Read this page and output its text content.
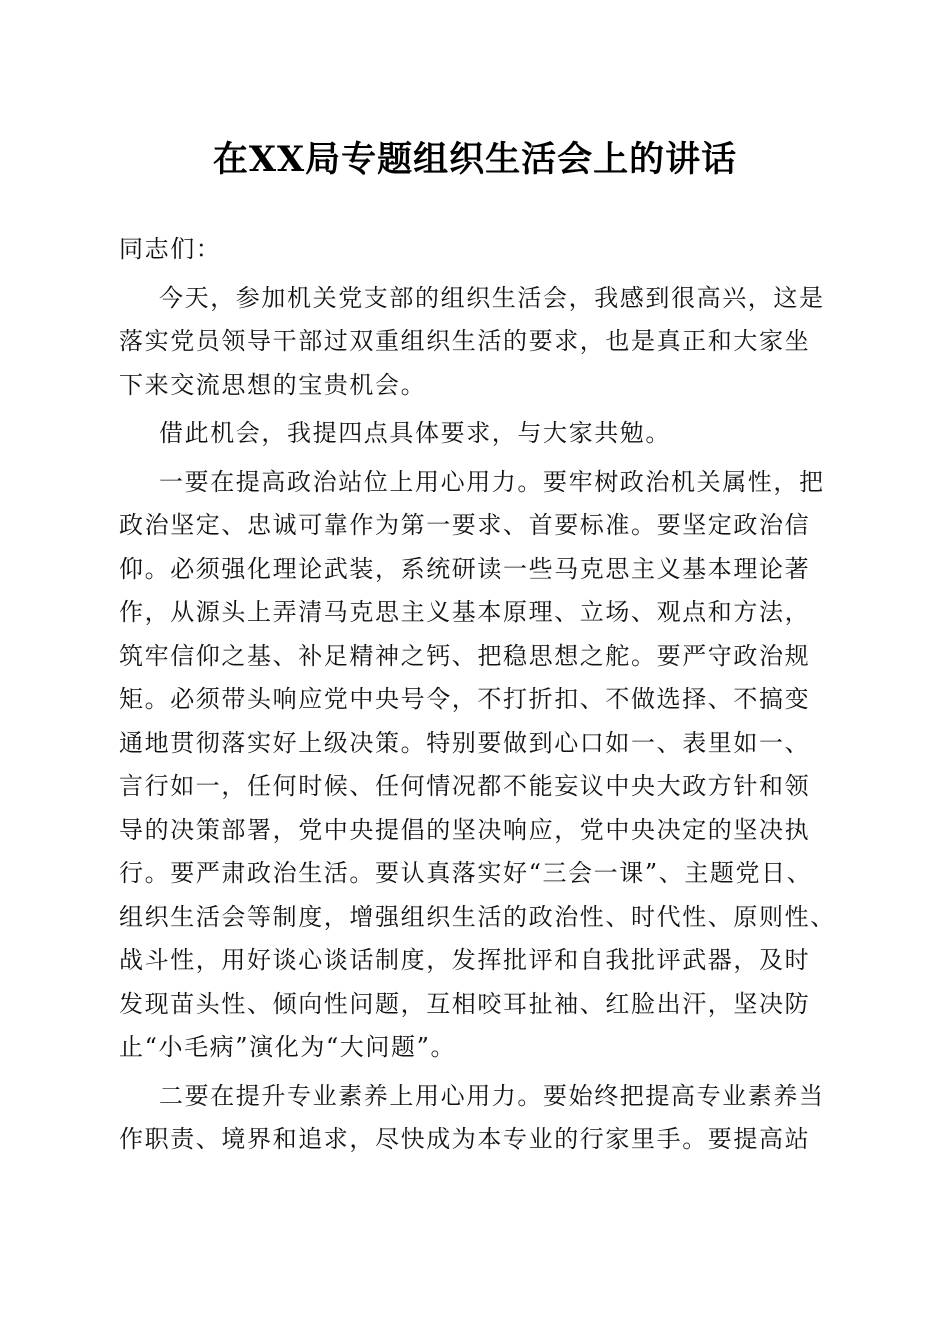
在XX局专题组织生活会上的讲话
同志们：
今天，参加机关党支部的组织生活会，我感到很高兴，这是
落实党员领导干部过双重组织生活的要求，也是真正和大家坐
下来交流思想的宝贵机会。
借此机会，我提四点具体要求，与大家共勉。
一要在提高政治站位上用心用力。要牢树政治机关属性，把
政治坚定、忠诚可靠作为第一要求、首要标准。要坚定政治信
仰。必须强化理论武装，系统研读一些马克思主义基本理论著
作，从源头上弄清马克思主义基本原理、立场、观点和方法，
筑牢信仰之基、补足精神之钙、把稳思想之舵。要严守政治规
矩。必须带头响应党中央号令，不打折扣、不做选择、不搞变
通地贯彻落实好上级决策。特别要做到心口如一、表里如一、
言行如一，任何时候、任何情况都不能妄议中央大政方针和领
导的决策部署，党中央提倡的坚决响应，党中央决定的坚决执
行。要严肃政治生活。要认真落实好“三会一课”、主题党日、
组织生活会等制度，增强组织生活的政治性、时代性、原则性、
战斗性，用好谈心谈话制度，发挥批评和自我批评武器，及时
发现苗头性、倾向性问题，互相咬耳扯袖、红脸出汗，坚决防
止“小毛病”演化为“大问题”。
二要在提升专业素养上用心用力。要始终把提高专业素养当
作职责、境界和追求，尽快成为本专业的行家里手。要提高站
